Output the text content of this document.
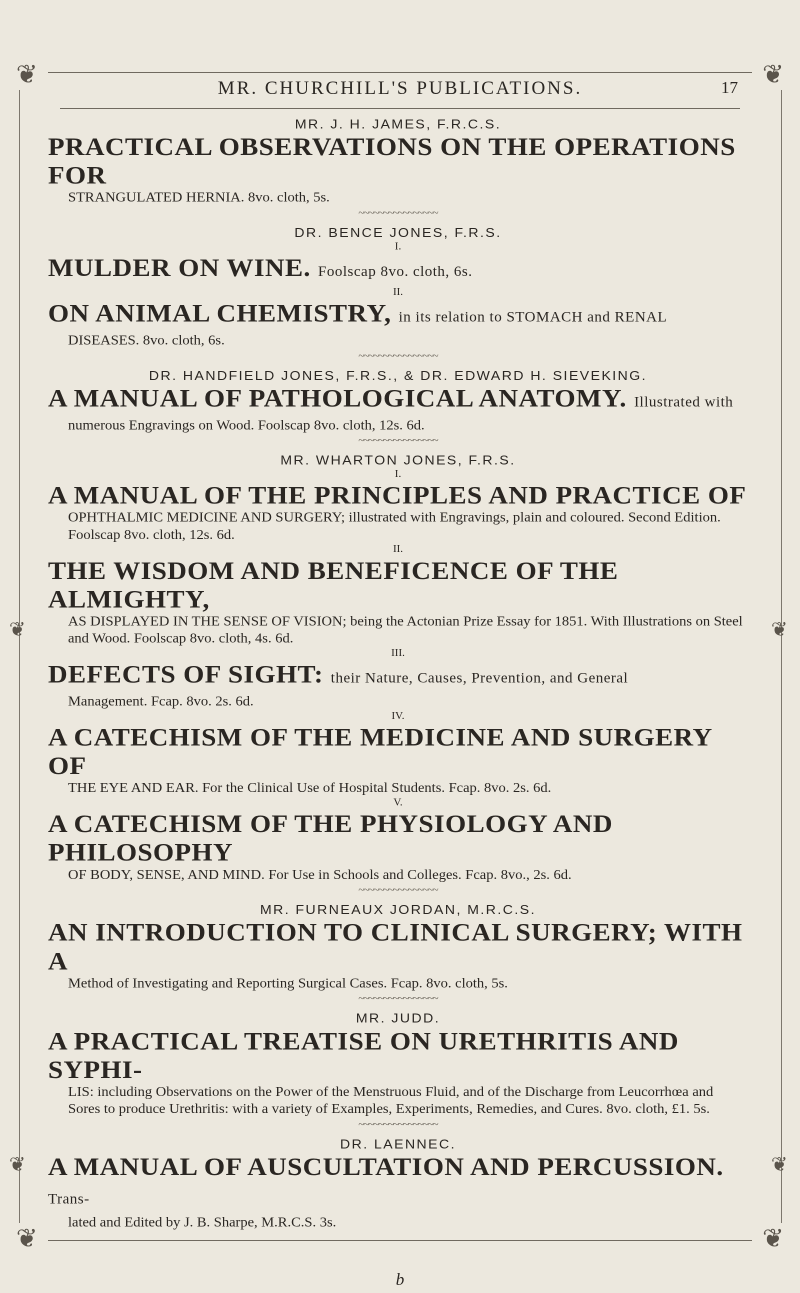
❦
❦
❦
❦
❦	❦
❦	❦
MR. CHURCHILL'S PUBLICATIONS.	17

MR. J. H. JAMES, F.R.C.S.

PRACTICAL OBSERVATIONS ON THE OPERATIONS FOR

STRANGULATED HERNIA. 8vo. cloth, 5s.

~~~~~~~~~~~~~~~~

DR. BENCE JONES, F.R.S.

I.

MULDER ON WINE. Foolscap 8vo. cloth, 6s.

II.

ON ANIMAL CHEMISTRY, in its relation to STOMACH and RENAL

DISEASES. 8vo. cloth, 6s.

~~~~~~~~~~~~~~~~

DR. HANDFIELD JONES, F.R.S., & DR. EDWARD H. SIEVEKING.

A MANUAL OF PATHOLOGICAL ANATOMY. Illustrated with

numerous Engravings on Wood. Foolscap 8vo. cloth, 12s. 6d.

~~~~~~~~~~~~~~~~

MR. WHARTON JONES, F.R.S.

I.

A MANUAL OF THE PRINCIPLES AND PRACTICE OF

OPHTHALMIC MEDICINE AND SURGERY; illustrated with Engravings, plain and coloured. Second Edition. Foolscap 8vo. cloth, 12s. 6d.

II.

THE WISDOM AND BENEFICENCE OF THE ALMIGHTY,

AS DISPLAYED IN THE SENSE OF VISION; being the Actonian Prize Essay for 1851. With Illustrations on Steel and Wood. Foolscap 8vo. cloth, 4s. 6d.

III.

DEFECTS OF SIGHT: their Nature, Causes, Prevention, and General

Management. Fcap. 8vo. 2s. 6d.

IV.

A CATECHISM OF THE MEDICINE AND SURGERY OF

THE EYE AND EAR. For the Clinical Use of Hospital Students. Fcap. 8vo. 2s. 6d.

V.

A CATECHISM OF THE PHYSIOLOGY AND PHILOSOPHY

OF BODY, SENSE, AND MIND. For Use in Schools and Colleges. Fcap. 8vo., 2s. 6d.

~~~~~~~~~~~~~~~~

MR. FURNEAUX JORDAN, M.R.C.S.

AN INTRODUCTION TO CLINICAL SURGERY; WITH A

Method of Investigating and Reporting Surgical Cases. Fcap. 8vo. cloth, 5s.

~~~~~~~~~~~~~~~~

MR. JUDD.

A PRACTICAL TREATISE ON URETHRITIS AND SYPHI-

LIS: including Observations on the Power of the Menstruous Fluid, and of the Discharge from Leucorrhœa and Sores to produce Urethritis: with a variety of Examples, Experiments, Remedies, and Cures. 8vo. cloth, £1. 5s.

~~~~~~~~~~~~~~~~

DR. LAENNEC.

A MANUAL OF AUSCULTATION AND PERCUSSION. Trans-

lated and Edited by J. B. Sharpe, M.R.C.S. 3s.

b
